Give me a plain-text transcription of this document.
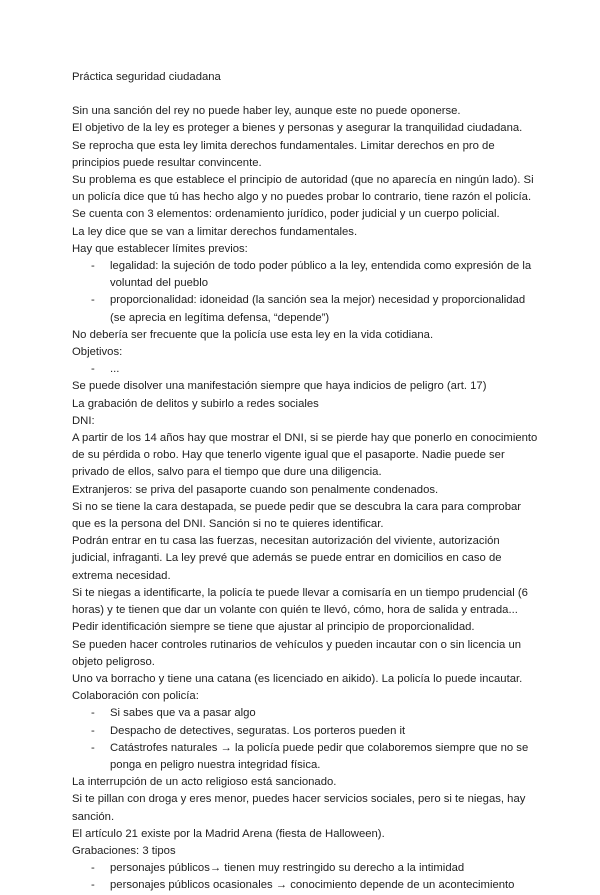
Práctica seguridad ciudadana
Sin una sanción del rey no puede haber ley, aunque este no puede oponerse.
El objetivo de la ley es proteger a bienes y personas y asegurar la tranquilidad ciudadana.
Se reprocha que esta ley limita derechos fundamentales. Limitar derechos en pro de principios puede resultar convincente.
Su problema es que establece el principio de autoridad (que no aparecía en ningún lado). Si un policía dice que tú has hecho algo y no puedes probar lo contrario, tiene razón el policía.
Se cuenta con 3 elementos: ordenamiento jurídico, poder judicial y un cuerpo policial.
La ley dice que se van a limitar derechos fundamentales.
Hay que establecer límites previos:
- legalidad: la sujeción de todo poder público a la ley, entendida como expresión de la voluntad del pueblo
- proporcionalidad: idoneidad (la sanción sea la mejor) necesidad y proporcionalidad (se aprecia en legítima defensa, “depende”)
No debería ser frecuente que la policía use esta ley en la vida cotidiana.
Objetivos:
- ...
Se puede disolver una manifestación siempre que haya indicios de peligro (art. 17)
La grabación de delitos y subirlo a redes sociales
DNI:
A partir de los 14 años hay que mostrar el DNI, si se pierde hay que ponerlo en conocimiento de su pérdida o robo. Hay que tenerlo vigente igual que el pasaporte. Nadie puede ser privado de ellos, salvo para el tiempo que dure una diligencia.
Extranjeros: se priva del pasaporte cuando son penalmente condenados.
Si no se tiene la cara destapada, se puede pedir que se descubra la cara para comprobar que es la persona del DNI. Sanción si no te quieres identificar.
Podrán entrar en tu casa las fuerzas, necesitan autorización del viviente, autorización judicial, infraganti. La ley prevé que además se puede entrar en domicilios en caso de extrema necesidad.
Si te niegas a identificarte, la policía te puede llevar a comisaría en un tiempo prudencial (6 horas) y te tienen que dar un volante con quién te llevó, cómo, hora de salida y entrada...
Pedir identificación siempre se tiene que ajustar al principio de proporcionalidad.
Se pueden hacer controles rutinarios de vehículos y pueden incautar con o sin licencia un objeto peligroso.
Uno va borracho y tiene una catana (es licenciado en aikido). La policía lo puede incautar.
Colaboración con policía:
- Si sabes que va a pasar algo
- Despacho de detectives, seguratas. Los porteros pueden it
- Catástrofes naturales → la policía puede pedir que colaboremos siempre que no se ponga en peligro nuestra integridad física.
La interrupción de un acto religioso está sancionado.
Si te pillan con droga y eres menor, puedes hacer servicios sociales, pero si te niegas, hay sanción.
El artículo 21 existe por la Madrid Arena (fiesta de Halloween).
Grabaciones: 3 tipos
- personajes públicos→ tienen muy restringido su derecho a la intimidad
- personajes públicos ocasionales → conocimiento depende de un acontecimiento
